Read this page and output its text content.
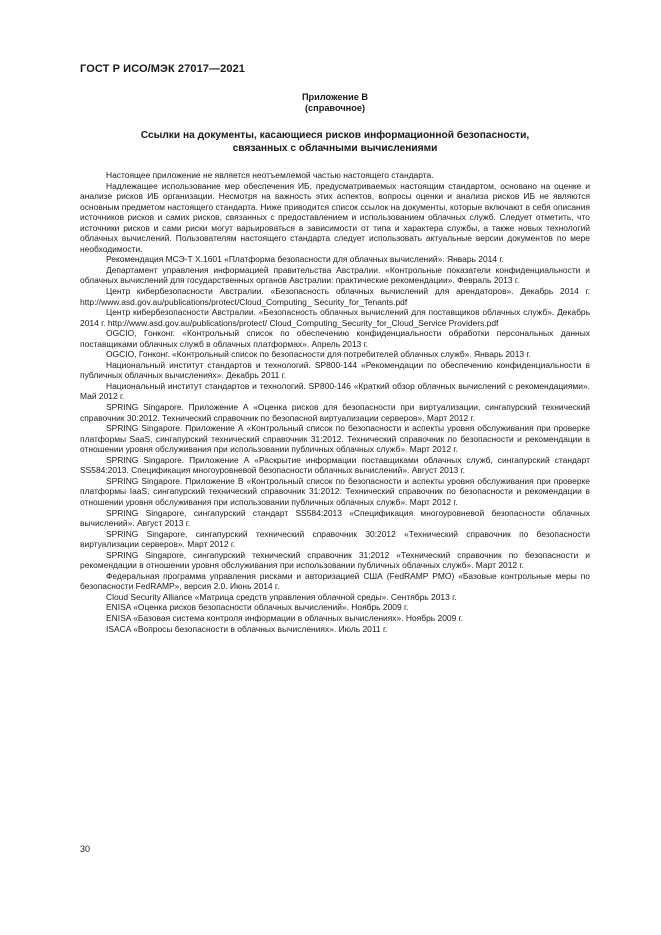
ГОСТ Р ИСО/МЭК 27017—2021
Приложение В
(справочное)
Ссылки на документы, касающиеся рисков информационной безопасности,
связанных с облачными вычислениями

Настоящее приложение не является неотъемлемой частью настоящего стандарта.

Надлежащее использование мер обеспечения ИБ, предусматриваемых настоящим стандартом, основано на оценке и анализе рисков ИБ организации. Несмотря на важность этих аспектов, вопросы оценки и анализа рисков ИБ не являются основным предметом настоящего стандарта. Ниже приводится список ссылок на документы, которые включают в себя описания источников рисков и самих рисков, связанных с предоставлением и использованием облачных служб. Следует отметить, что источники рисков и сами риски могут варьироваться в зависимости от типа и характера службы, а также новых технологий облачных вычислений. Пользователям настоящего стандарта следует использовать актуальные версии документов по мере необходимости.

Рекомендация МСЭ-Т X.1601 «Платформа безопасности для облачных вычислений». Январь 2014 г.

Департамент управления информацией правительства Австралии. «Контрольные показатели конфиденциальности и облачных вычислений для государственных органов Австралии: практические рекомендации». Февраль 2013 г.

Центр кибербезопасности Австралии. «Безопасность облачных вычислений для арендаторов». Декабрь 2014 г. http://www.asd.gov.au/publications/protect/Cloud_Computing_ Security_for_Tenants.pdf

Центр кибербезопасности Австралии. «Безопасность облачных вычислений для поставщиков облачных служб». Декабрь 2014 г. http://www.asd.gov.au/publications/protect/ Cloud_Computing_Security_for_Cloud_Service Providers.pdf

OGCIO, Гонконг. «Контрольный список по обеспечению конфиденциальности обработки персональных данных поставщиками облачных служб в облачных платформах». Апрель 2013 г.

OGCIO, Гонконг. «Контрольный список по безопасности для потребителей облачных служб». Январь 2013 г.

Национальный институт стандартов и технологий. SP800-144 «Рекомендации по обеспечению конфиденциальности в публичных облачных вычислениях». Декабрь 2011 г.

Национальный институт стандартов и технологий. SP800-146 «Краткий обзор облачных вычислений с рекомендациями». Май 2012 г.

SPRING Singapore. Приложение А «Оценка рисков для безопасности при виртуализации, сингапурский технический справочник 30:2012. Технический справочник по безопасной виртуализации серверов». Март 2012 г.

SPRING Singapore. Приложение А «Контрольный список по безопасности и аспекты уровня обслуживания при проверке платформы SaaS, сингапурский технический справочник 31:2012. Технический справочник по безопасности и рекомендации в отношении уровня обслуживания при использовании публичных облачных служб». Март 2012 г.

SPRING Singapore. Приложение А «Раскрытие информации поставщиками облачных служб, сингапурский стандарт SS584:2013. Спецификация многоуровневой безопасности облачных вычислений». Август 2013 г.

SPRING Singapore. Приложение В «Контрольный список по безопасности и аспекты уровня обслуживания при проверке платформы IaaS, сингапурский технический справочник 31:2012. Технический справочник по безопасности и рекомендации в отношении уровня обслуживания при использовании публичных облачных служб». Март 2012 г.

SPRING Singapore, сингапурский стандарт SS584:2013 «Спецификация многоуровневой безопасности облачных вычислений». Август 2013 г.

SPRING Singapore, сингапурский технический справочник 30:2012 «Технический справочник по безопасности виртуализации серверов». Март 2012 г.

SPRING Singapore, сингапурский технический справочник 31:2012 «Технический справочник по безопасности и рекомендации в отношении уровня обслуживания при использовании публичных облачных служб». Март 2012 г.

Федеральная программа управления рисками и авторизацией США (FedRAMP PMO) «Базовые контрольные меры по безопасности FedRAMP», версия 2.0. Июнь 2014 г.

Cloud Security Alliance «Матрица средств управления облачной среды». Сентябрь 2013 г.

ENISA «Оценка рисков безопасности облачных вычислений». Ноябрь 2009 г.

ENISA «Базовая система контроля информации в облачных вычислениях». Ноябрь 2009 г.

ISACA «Вопросы безопасности в облачных вычислениях». Июль 2011 г.

30
